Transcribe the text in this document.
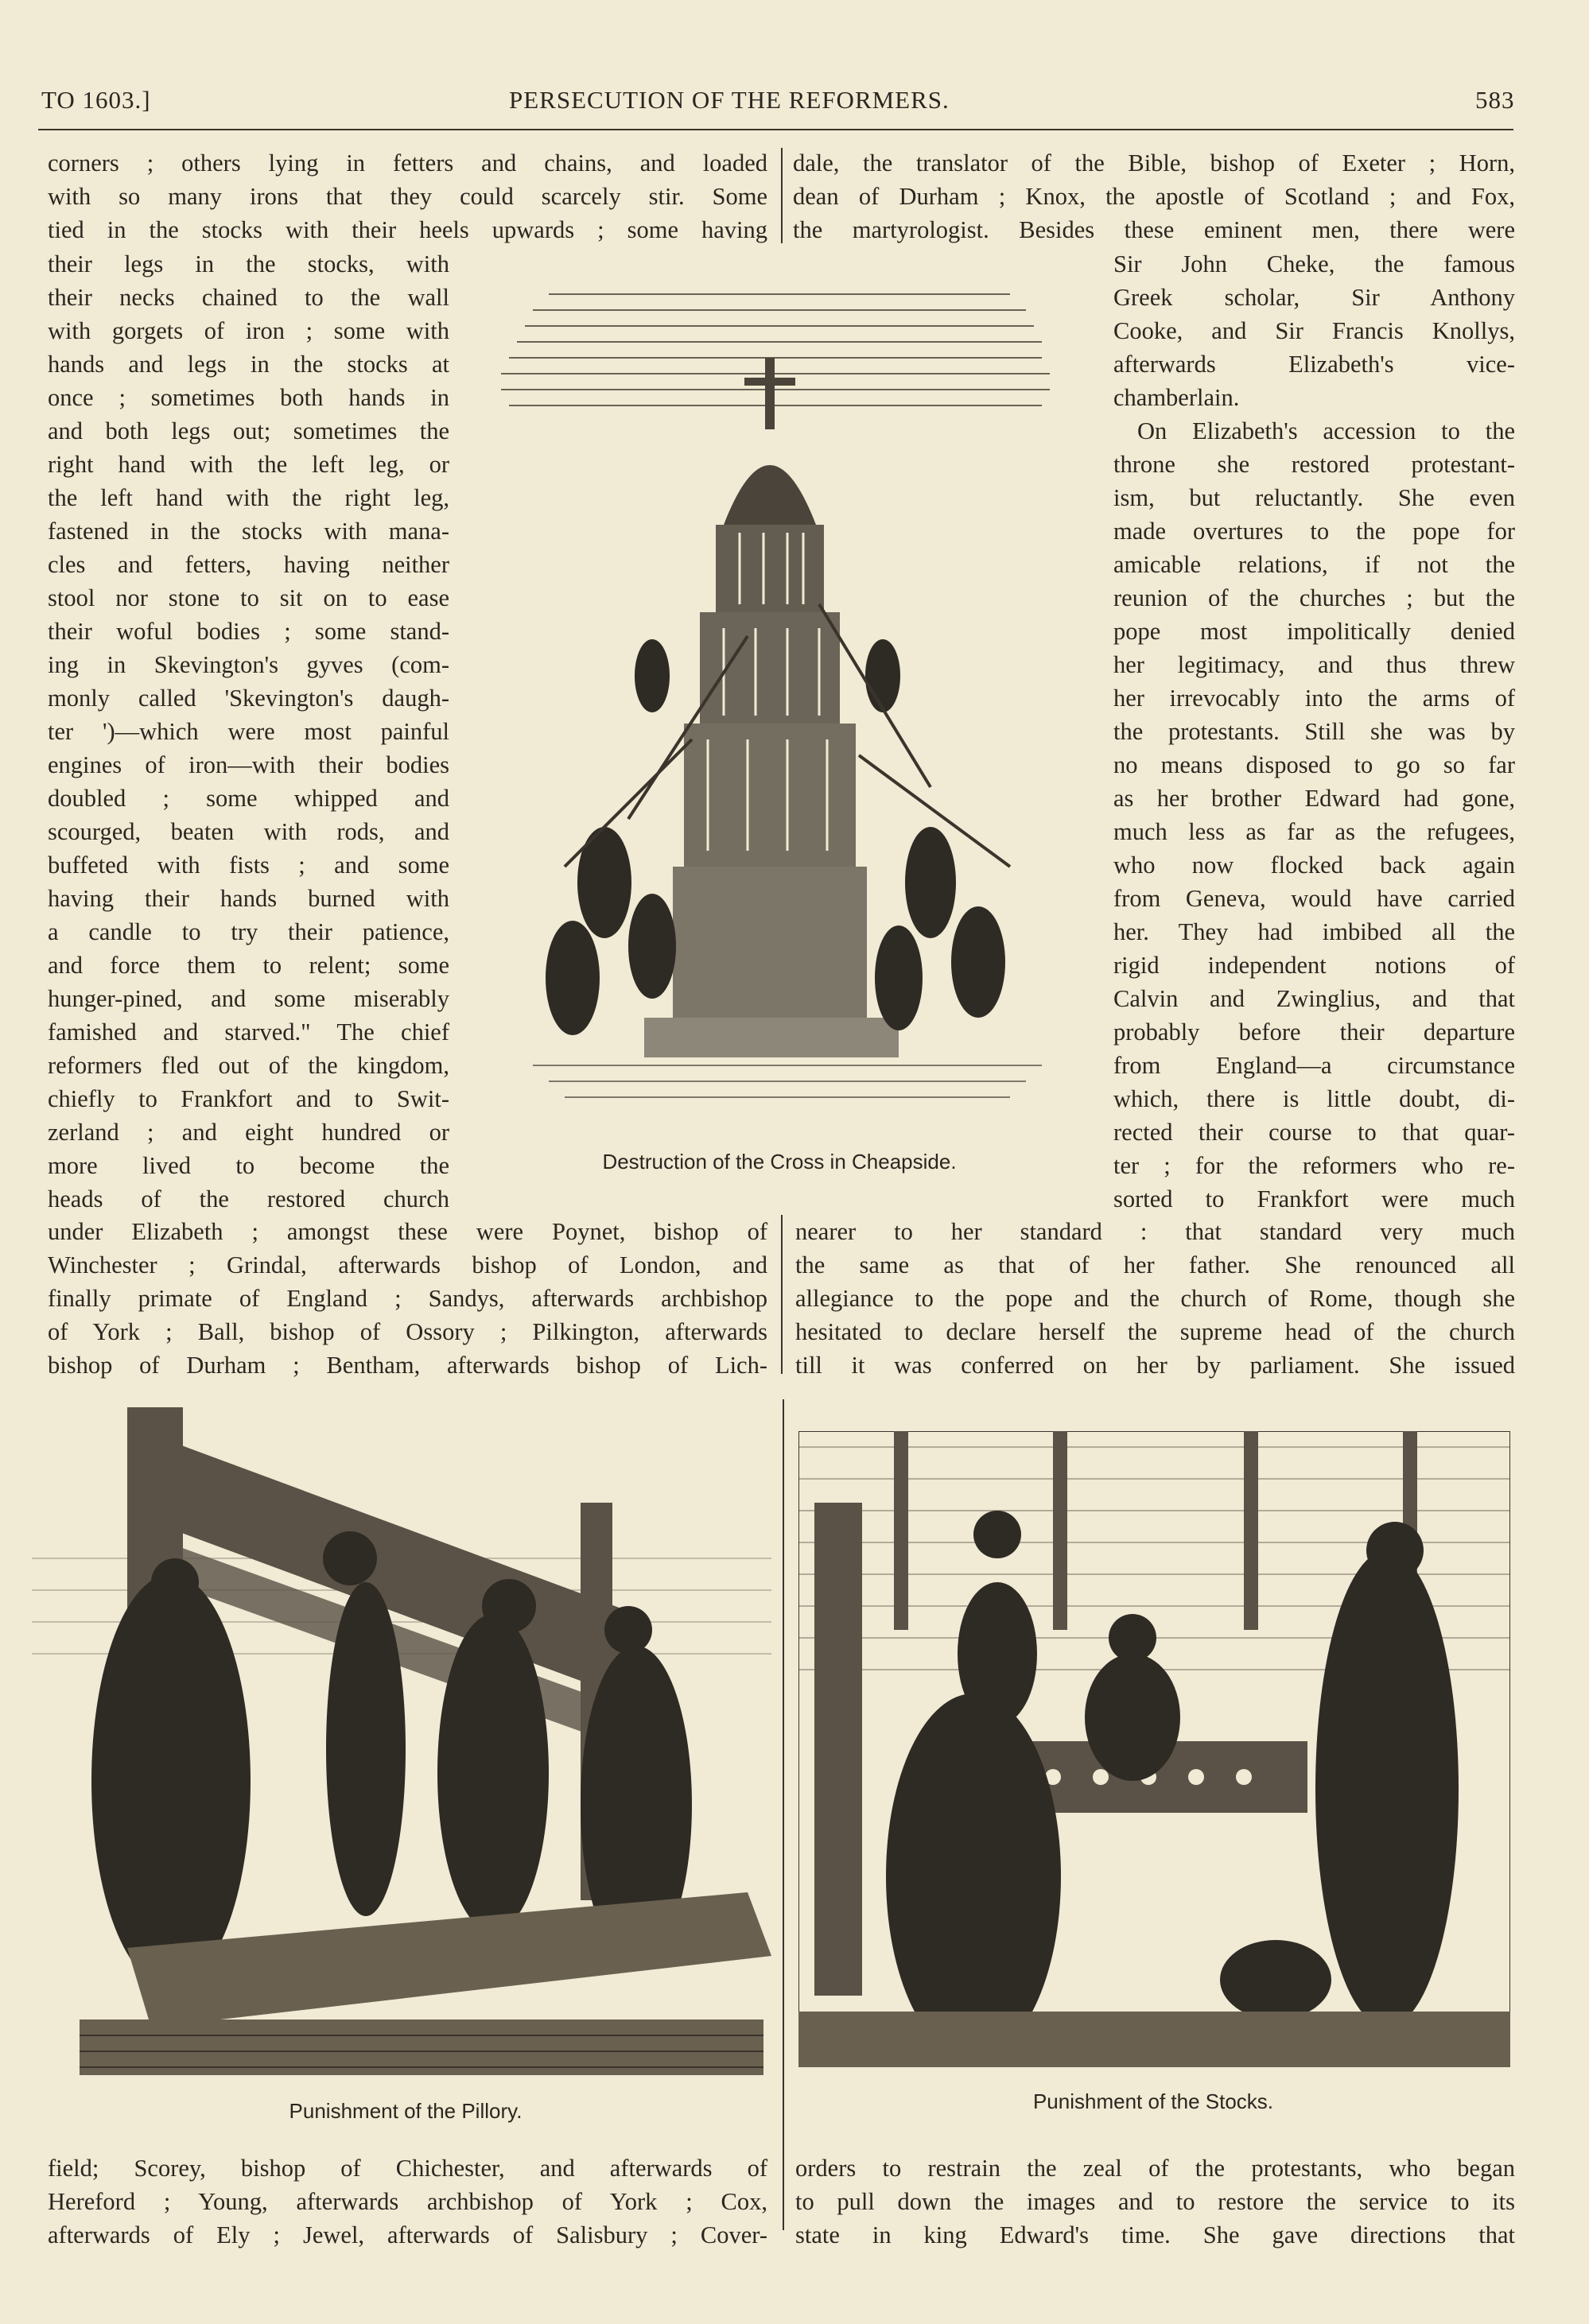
TO 1603.]	PERSECUTION OF THE REFORMERS.	583
corners ; others lying in fetters and chains, and loaded
with so many irons that they could scarcely stir. Some
tied in the stocks with their heels upwards ; some having
their legs in the stocks, with
their necks chained to the wall
with gorgets of iron ; some with
hands and legs in the stocks at
once ; sometimes both hands in
and both legs out; sometimes the
right hand with the left leg, or
the left hand with the right leg,
fastened in the stocks with mana-
cles and fetters, having neither
stool nor stone to sit on to ease
their woful bodies ; some stand-
ing in Skevington's gyves (com-
monly called 'Skevington's daugh-
ter ')—which were most painful
engines of iron—with their bodies
doubled ; some whipped and
scourged, beaten with rods, and
buffeted with fists ; and some
having their hands burned with
a candle to try their patience,
and force them to relent; some
hunger-pined, and some miserably
famished and starved." The chief
reformers fled out of the kingdom,
chiefly to Frankfort and to Swit-
zerland ; and eight hundred or
more lived to become the
heads of the restored church
under Elizabeth ; amongst these were Poynet, bishop of
Winchester ; Grindal, afterwards bishop of London, and
finally primate of England ; Sandys, afterwards archbishop
of York ; Ball, bishop of Ossory ; Pilkington, afterwards
bishop of Durham ; Bentham, afterwards bishop of Lich-
dale, the translator of the Bible, bishop of Exeter ; Horn,
dean of Durham ; Knox, the apostle of Scotland ; and Fox,
the martyrologist. Besides these eminent men, there were
Sir John Cheke, the famous
Greek scholar, Sir Anthony
Cooke, and Sir Francis Knollys,
afterwards Elizabeth's vice-
chamberlain.
On Elizabeth's accession to the
throne she restored protestant-
ism, but reluctantly. She even
made overtures to the pope for
amicable relations, if not the
reunion of the churches ; but the
pope most impolitically denied
her legitimacy, and thus threw
her irrevocably into the arms of
the protestants. Still she was by
no means disposed to go so far
as her brother Edward had gone,
much less as far as the refugees,
who now flocked back again
from Geneva, would have carried
her. They had imbibed all the
rigid independent notions of
Calvin and Zwinglius, and that
probably before their departure
from England—a circumstance
which, there is little doubt, di-
rected their course to that quar-
ter ; for the reformers who re-
sorted to Frankfort were much
nearer to her standard : that standard very much
the same as that of her father. She renounced all
allegiance to the pope and the church of Rome, though she
hesitated to declare herself the supreme head of the church
till it was conferred on her by parliament. She issued
Destruction of the Cross in Cheapside.
Punishment of the Pillory.	Punishment of the Stocks.
field; Scorey, bishop of Chichester, and afterwards of
Hereford ; Young, afterwards archbishop of York ; Cox,
afterwards of Ely ; Jewel, afterwards of Salisbury ; Cover-
orders to restrain the zeal of the protestants, who began
to pull down the images and to restore the service to its
state in king Edward's time. She gave directions that
